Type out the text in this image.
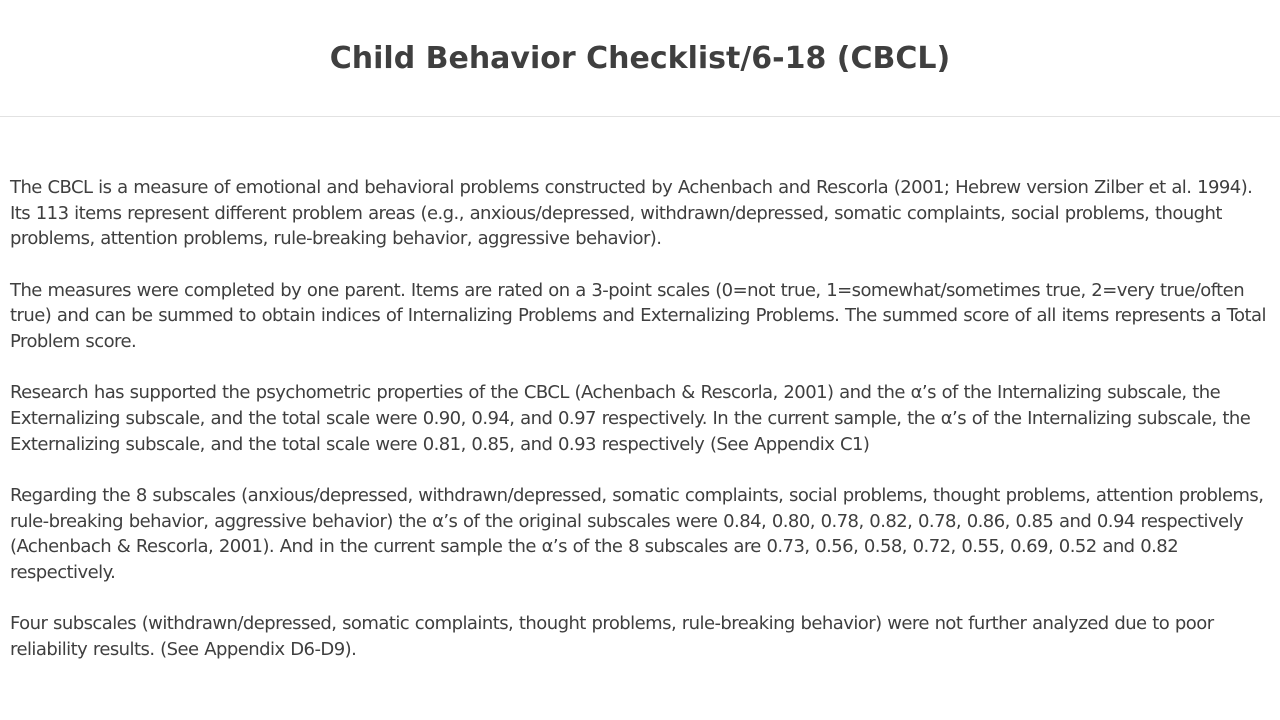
Child Behavior Checklist/6-18 (CBCL)

The CBCL is a measure of emotional and behavioral problems constructed by Achenbach and Rescorla (2001; Hebrew version Zilber et al. 1994). Its 113 items represent different problem areas (e.g., anxious/depressed, withdrawn/depressed, somatic complaints, social problems, thought problems, attention problems, rule-breaking behavior, aggressive behavior).

The measures were completed by one parent. Items are rated on a 3-point scales (0=not true, 1=somewhat/sometimes true, 2=very true/often true) and can be summed to obtain indices of Internalizing Problems and Externalizing Problems. The summed score of all items represents a Total Problem score.

Research has supported the psychometric properties of the CBCL (Achenbach & Rescorla, 2001) and the α’s of the Internalizing subscale, the Externalizing subscale, and the total scale were 0.90, 0.94, and 0.97 respectively. In the current sample, the α’s of the Internalizing subscale, the Externalizing subscale, and the total scale were 0.81, 0.85, and 0.93 respectively (See Appendix C1)

Regarding the 8 subscales (anxious/depressed, withdrawn/depressed, somatic complaints, social problems, thought problems, attention problems, rule-breaking behavior, aggressive behavior) the α’s of the original subscales were 0.84, 0.80, 0.78, 0.82, 0.78, 0.86, 0.85 and 0.94 respectively (Achenbach & Rescorla, 2001). And in the current sample the α’s of the 8 subscales are 0.73, 0.56, 0.58, 0.72, 0.55, 0.69, 0.52 and 0.82 respectively.

Four subscales (withdrawn/depressed, somatic complaints, thought problems, rule-breaking behavior) were not further analyzed due to poor reliability results. (See Appendix D6-D9).
